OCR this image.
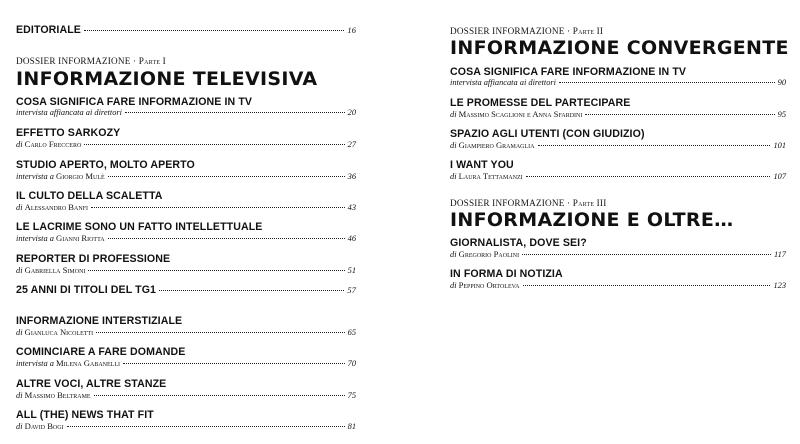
EDITORIALE	16
DOSSIER INFORMAZIONE · Parte I
INFORMAZIONE TELEVISIVA
COSA SIGNIFICA FARE INFORMAZIONE IN TV
intervista affiancata ai direttori	20
EFFETTO SARKOZY
di
Carlo Freccero	27
STUDIO APERTO, MOLTO APERTO
intervista a
Giorgio Mulè	36
IL CULTO DELLA SCALETTA
di
Alessandro Banfi	43
LE LACRIME SONO UN FATTO INTELLETTUALE
intervista a
Gianni Riotta	46
REPORTER DI PROFESSIONE
di
Gabriella Simoni	51
25 ANNI DI TITOLI DEL TG1	57
INFORMAZIONE INTERSTIZIALE
di
Gianluca Nicoletti	65
COMINCIARE A FARE DOMANDE
intervista a
Milena Gabanelli	70
ALTRE VOCI, ALTRE STANZE
di
Massimo Beltrame	75
ALL (THE) NEWS THAT FIT
di
David Bogi	81
DOSSIER INFORMAZIONE · Parte II
INFORMAZIONE CONVERGENTE
COSA SIGNIFICA FARE INFORMAZIONE IN TV
intervista affiancata ai direttori	90
LE PROMESSE DEL PARTECIPARE
di
Massimo Scaglioni e Anna Sfardini	95
SPAZIO AGLI UTENTI (CON GIUDIZIO)
di
Giampiero Gramaglia	101
I WANT YOU
di
Laura Tettamanzi	107
DOSSIER INFORMAZIONE · Parte III
INFORMAZIONE E OLTRE…
GIORNALISTA, DOVE SEI?
di
Gregorio Paolini	117
IN FORMA DI NOTIZIA
di
Peppino Ortoleva	123
